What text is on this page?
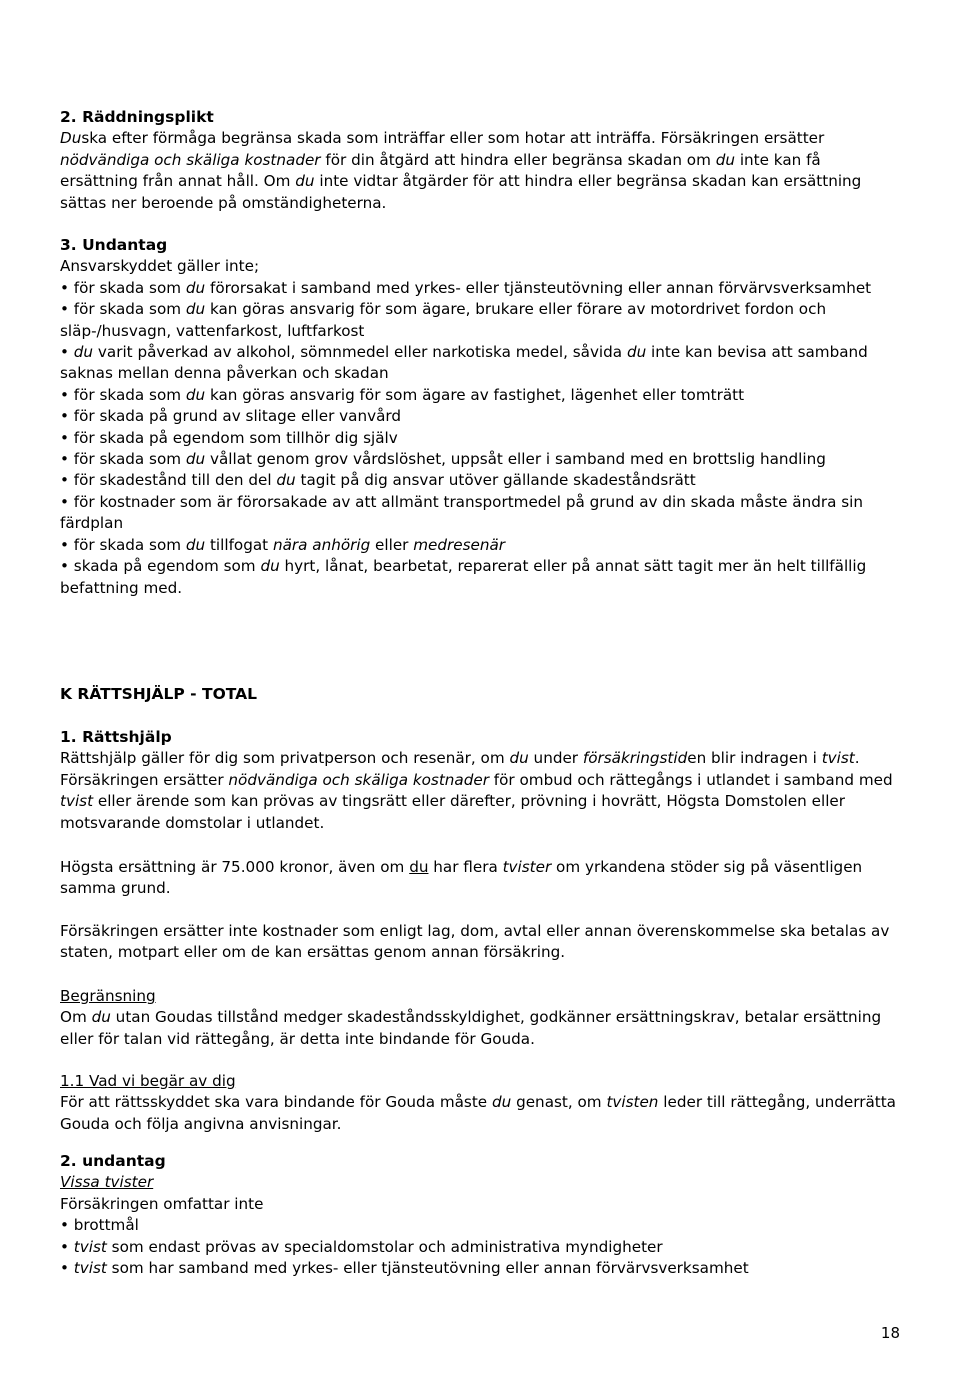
2. Räddningsplikt

Duska efter förmåga begränsa skada som inträffar eller som hotar att inträffa. Försäkringen ersätter nödvändiga och skäliga kostnader för din åtgärd att hindra eller begränsa skadan om du inte kan få ersättning från annat håll. Om du inte vidtar åtgärder för att hindra eller begränsa skadan kan ersättning sättas ner beroende på omständigheterna.

3. Undantag

Ansvarskyddet gäller inte;

• för skada som du förorsakat i samband med yrkes- eller tjänsteutövning eller annan förvärvsverksamhet
• för skada som du kan göras ansvarig för som ägare, brukare eller förare av motordrivet fordon och släp-/husvagn, vattenfarkost, luftfarkost
• du varit påverkad av alkohol, sömnmedel eller narkotiska medel, såvida du inte kan bevisa att samband saknas mellan denna påverkan och skadan
• för skada som du kan göras ansvarig för som ägare av fastighet, lägenhet eller tomträtt
• för skada på grund av slitage eller vanvård
• för skada på egendom som tillhör dig själv
• för skada som du vållat genom grov vårdslöshet, uppsåt eller i samband med en brottslig handling
• för skadestånd till den del du tagit på dig ansvar utöver gällande skadeståndsrätt
• för kostnader som är förorsakade av att allmänt transportmedel på grund av din skada måste ändra sin färdplan
• för skada som du tillfogat nära anhörig eller medresenär
• skada på egendom som du hyrt, lånat, bearbetat, reparerat eller på annat sätt tagit mer än helt tillfällig befattning med.
K RÄTTSHJÄLP - TOTAL
1. Rättshjälp

Rättshjälp gäller för dig som privatperson och resenär, om du under försäkringstiden blir indragen i tvist. Försäkringen ersätter nödvändiga och skäliga kostnader för ombud och rättegångs i utlandet i samband med tvist eller ärende som kan prövas av tingsrätt eller därefter, prövning i hovrätt, Högsta Domstolen eller motsvarande domstolar i utlandet.

Högsta ersättning är 75.000 kronor, även om du har flera tvister om yrkandena stöder sig på väsentligen samma grund.

Försäkringen ersätter inte kostnader som enligt lag, dom, avtal eller annan överenskommelse ska betalas av staten, motpart eller om de kan ersättas genom annan försäkring.

Begränsning

Om du utan Goudas tillstånd medger skadeståndsskyldighet, godkänner ersättningskrav, betalar ersättning eller för talan vid rättegång, är detta inte bindande för Gouda.

1.1 Vad vi begär av dig

För att rättsskyddet ska vara bindande för Gouda måste du genast, om tvisten leder till rättegång, underrätta Gouda och följa angivna anvisningar.

2. undantag

Vissa tvister

Försäkringen omfattar inte

• brottmål
• tvist som endast prövas av specialdomstolar och administrativa myndigheter
• tvist som har samband med yrkes- eller tjänsteutövning eller annan förvärvsverksamhet
18
